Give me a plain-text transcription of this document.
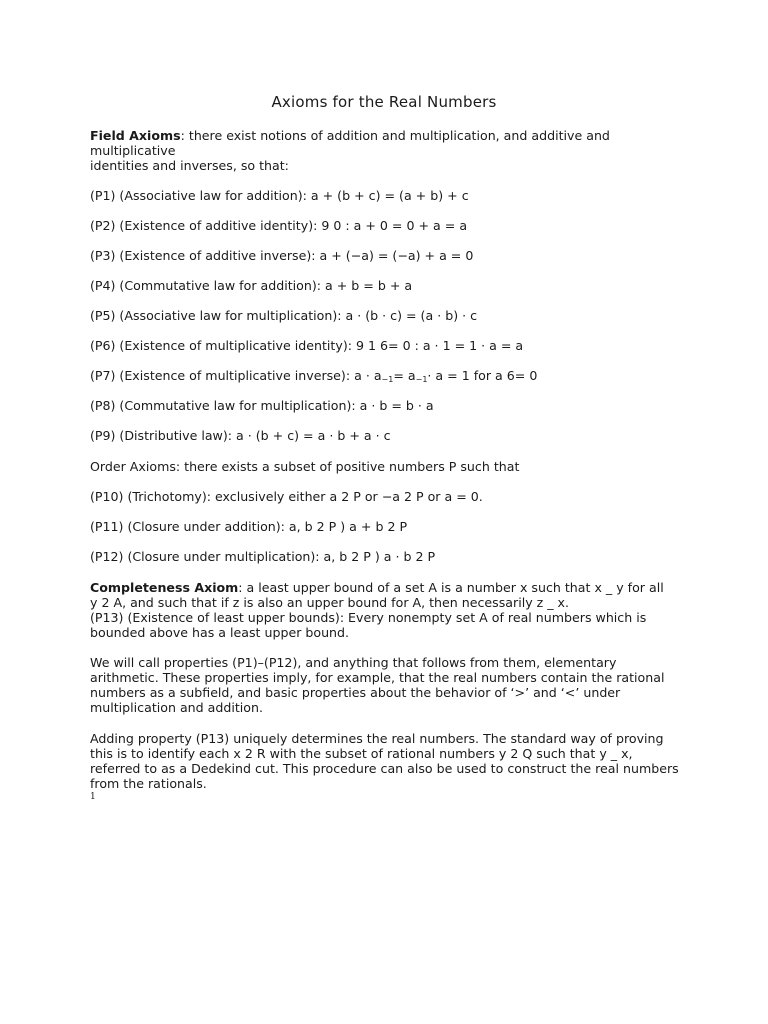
Axioms for the Real Numbers
Field Axioms: there exist notions of addition and multiplication, and additive and
multiplicative
identities and inverses, so that:
(P1) (Associative law for addition): a + (b + c) = (a + b) + c
(P2) (Existence of additive identity): 9 0 : a + 0 = 0 + a = a
(P3) (Existence of additive inverse): a + (−a) = (−a) + a = 0
(P4) (Commutative law for addition): a + b = b + a
(P5) (Associative law for multiplication): a · (b · c) = (a · b) · c
(P6) (Existence of multiplicative identity): 9 1 6= 0 : a · 1 = 1 · a = a
(P7) (Existence of multiplicative inverse): $a \cdot a_{-1}= a_{-1}\cdot a = 1$ for a 6= 0
(P8) (Commutative law for multiplication): a · b = b · a
(P9) (Distributive law): a · (b + c) = a · b + a · c
Order Axioms: there exists a subset of positive numbers P such that
(P10) (Trichotomy): exclusively either a 2 P or −a 2 P or a = 0.
(P11) (Closure under addition): a, b 2 P ) a + b 2 P
(P12) (Closure under multiplication): a, b 2 P ) a · b 2 P
Completeness Axiom: a least upper bound of a set A is a number x such that x _ y for all
y 2 A, and such that if z is also an upper bound for A, then necessarily z _ x.
(P13) (Existence of least upper bounds): Every nonempty set A of real numbers which is
bounded above has a least upper bound.
We will call properties (P1)–(P12), and anything that follows from them, elementary
arithmetic. These properties imply, for example, that the real numbers contain the rational
numbers as a subfield, and basic properties about the behavior of ‘>’ and ‘<’ under
multiplication and addition.
Adding property (P13) uniquely determines the real numbers. The standard way of proving
this is to identify each x 2 R with the subset of rational numbers y 2 Q such that y _ x,
referred to as a Dedekind cut. This procedure can also be used to construct the real numbers
from the rationals.
1
